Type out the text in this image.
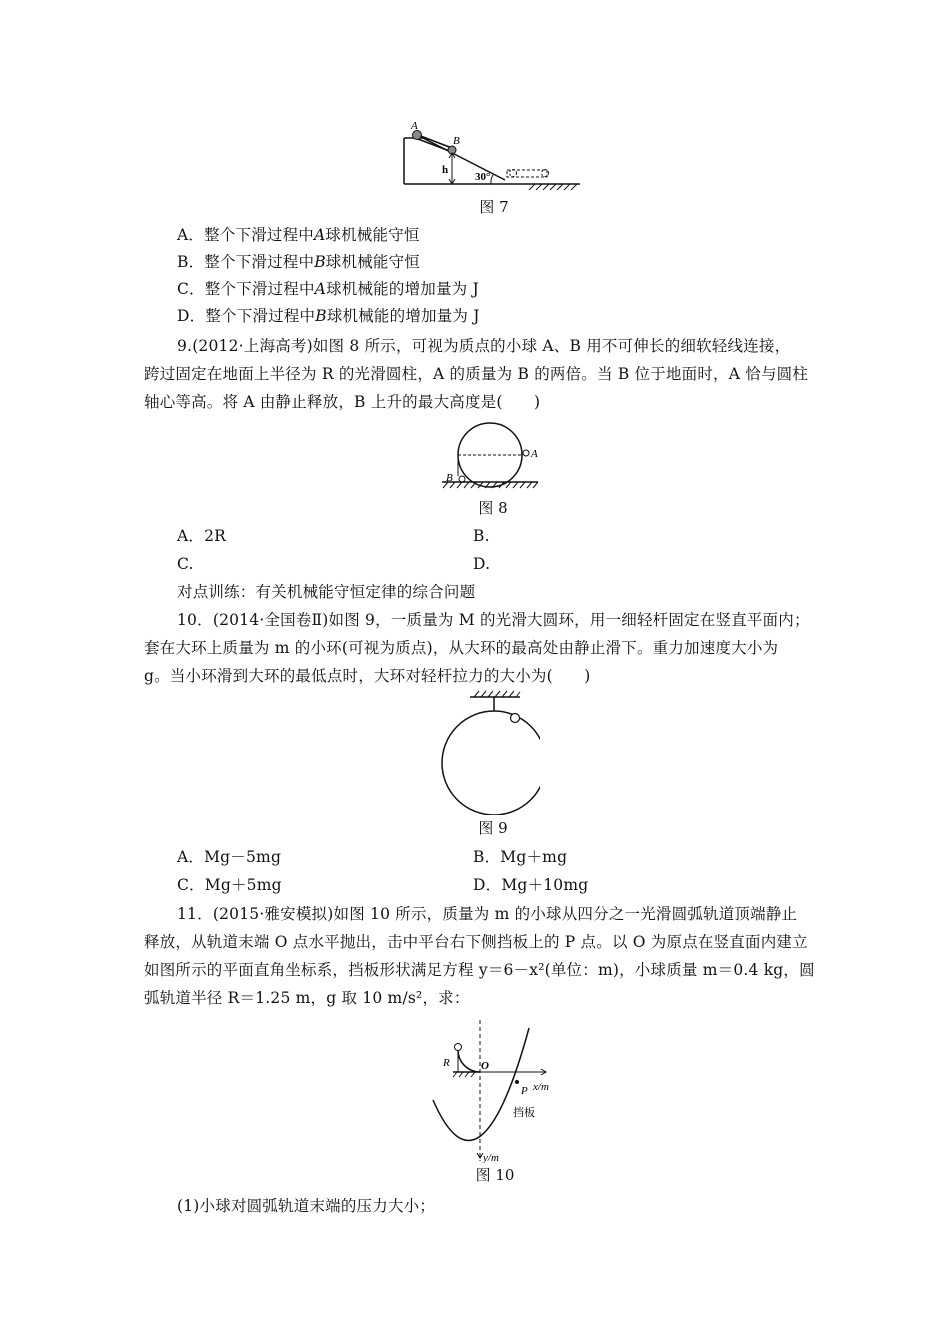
A
B
h
30°
图 7
A．整个下滑过程中A球机械能守恒
B．整个下滑过程中B球机械能守恒
C．整个下滑过程中A球机械能的增加量为 J
D．整个下滑过程中B球机械能的增加量为 J
9.(2012·上海高考)如图 8 所示，可视为质点的小球 A、B 用不可伸长的细软轻线连接，
跨过固定在地面上半径为 R 的光滑圆柱，A 的质量为 B 的两倍。当 B 位于地面时，A 恰与圆柱
轴心等高。将 A 由静止释放，B 上升的最大高度是(　　)
A
B
图 8
A．2R	B.
C.	D.
对点训练：有关机械能守恒定律的综合问题
10．(2014·全国卷Ⅱ)如图 9，一质量为 M 的光滑大圆环，用一细轻杆固定在竖直平面内；
套在大环上质量为 m 的小环(可视为质点)，从大环的最高处由静止滑下。重力加速度大小为
g。当小环滑到大环的最低点时，大环对轻杆拉力的大小为(　　)
图 9
A．Mg－5mg	B．Mg＋mg
C．Mg＋5mg	D．Mg＋10mg
11．(2015·雅安模拟)如图 10 所示，质量为 m 的小球从四分之一光滑圆弧轨道顶端静止
释放，从轨道末端 O 点水平抛出，击中平台右下侧挡板上的 P 点。以 O 为原点在竖直面内建立
如图所示的平面直角坐标系，挡板形状满足方程 y＝6－x²(单位：m)，小球质量 m＝0.4 kg，圆
弧轨道半径 R＝1.25 m，g 取 10 m/s²，求：
R	O
x/m
P
挡板
y/m
图 10
(1)小球对圆弧轨道末端的压力大小；
